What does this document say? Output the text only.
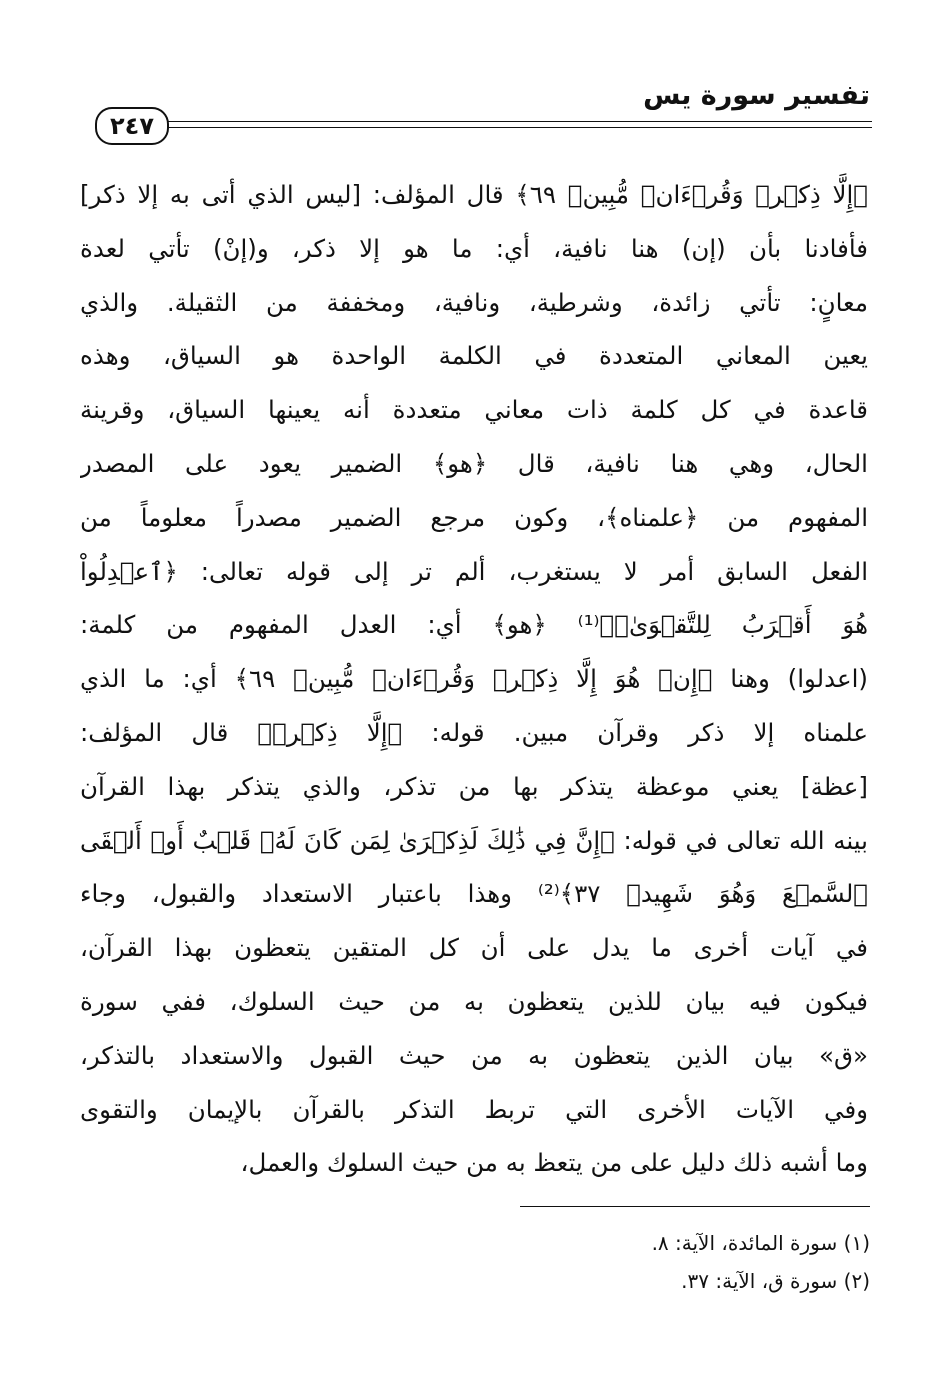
تفسير سورة يس
٢٤٧
﴿إِلَّا ذِكۡرٞ وَقُرۡءَانٞ مُّبِينٞ ٦٩﴾ قال المؤلف: [ليس الذي أتى به إلا ذكر]
فأفادنا بأن (إن) هنا نافية، أي: ما هو إلا ذكر، و(إنْ) تأتي لعدة
معانٍ: تأتي زائدة، وشرطية، ونافية، ومخففة من الثقيلة. والذي
يعين المعاني المتعددة في الكلمة الواحدة هو السياق، وهذه
قاعدة في كل كلمة ذات معاني متعددة أنه يعينها السياق، وقرينة
الحال، وهي هنا نافية، قال ﴿هو﴾ الضمير يعود على المصدر
المفهوم من ﴿علمناه﴾، وكون مرجع الضمير مصدراً معلوماً من
الفعل السابق أمر لا يستغرب، ألم تر إلى قوله تعالى: ﴿ٱعۡدِلُواْ
هُوَ أَقۡرَبُ لِلتَّقۡوَىٰۖ﴾⁽¹⁾ ﴿هو﴾ أي: العدل المفهوم من كلمة:
(اعدلوا) وهنا ﴿إِنۡ هُوَ إِلَّا ذِكۡرٞ وَقُرۡءَانٞ مُّبِينٞ ٦٩﴾ أي: ما الذي
علمناه إلا ذكر وقرآن مبين. قوله: ﴿إِلَّا ذِكۡرٞ﴾ قال المؤلف:
[عظة] يعني موعظة يتذكر بها من تذكر، والذي يتذكر بهذا القرآن
بينه الله تعالى في قوله: ﴿إِنَّ فِي ذَٰلِكَ لَذِكۡرَىٰ لِمَن كَانَ لَهُۥ قَلۡبٌ أَوۡ أَلۡقَى
ٱلسَّمۡعَ وَهُوَ شَهِيدٞ ٣٧﴾⁽²⁾ وهذا باعتبار الاستعداد والقبول، وجاء
في آيات أخرى ما يدل على أن كل المتقين يتعظون بهذا القرآن،
فيكون فيه بيان للذين يتعظون به من حيث السلوك، ففي سورة
«ق» بيان الذين يتعظون به من حيث القبول والاستعداد بالتذكر،
وفي الآيات الأخرى التي تربط التذكر بالقرآن بالإيمان والتقوى
وما أشبه ذلك دليل على من يتعظ به من حيث السلوك والعمل،
(١) سورة المائدة، الآية: ٨.
(٢) سورة ق، الآية: ٣٧.
